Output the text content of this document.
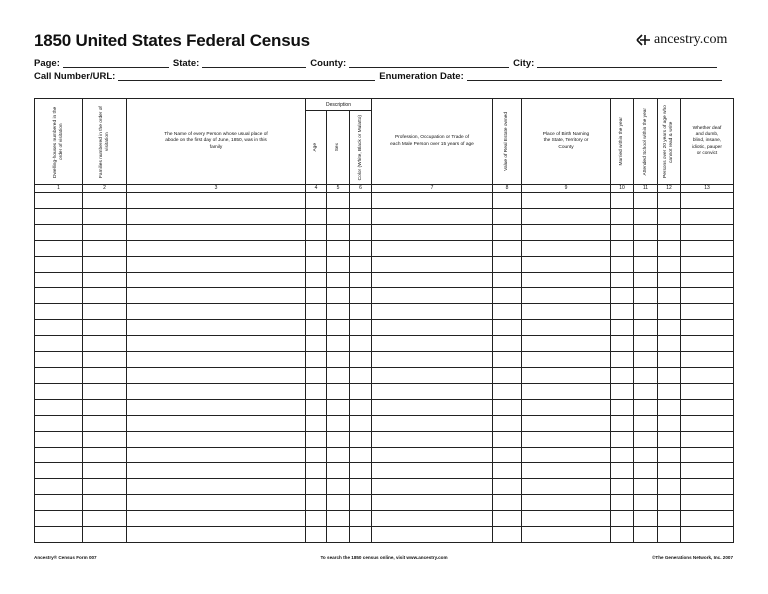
1850 United States Federal Census	ancestry.com
Page:	State:	County:	City:
Call Number/URL:	Enumeration Date:
Dwelling-houses numbered in the order of visitation	Families numbered in the order of visitation	The Name of every Person whose usual place of abode on the first day of June, 1850, was in this family	Description			Profession, Occupation or Trade of each Male Person over 15 years of age	Value of Real Estate owned	Place of Birth Naming the State, Territory or County	Married within the year	Attended School within the year	Persons over 20 years of age who cannot read & write	Whether deaf and dumb, blind, insane, idiotic, pauper or convict

			Age	Sex	Color (White, Black or Mulatto)							

1	2	3	4	5	6	7	8	9	10	11	12	13

Ancestry® Census Form 007	To search the 1850 census online, visit www.ancestry.com	©The Generations Network, Inc. 2007
